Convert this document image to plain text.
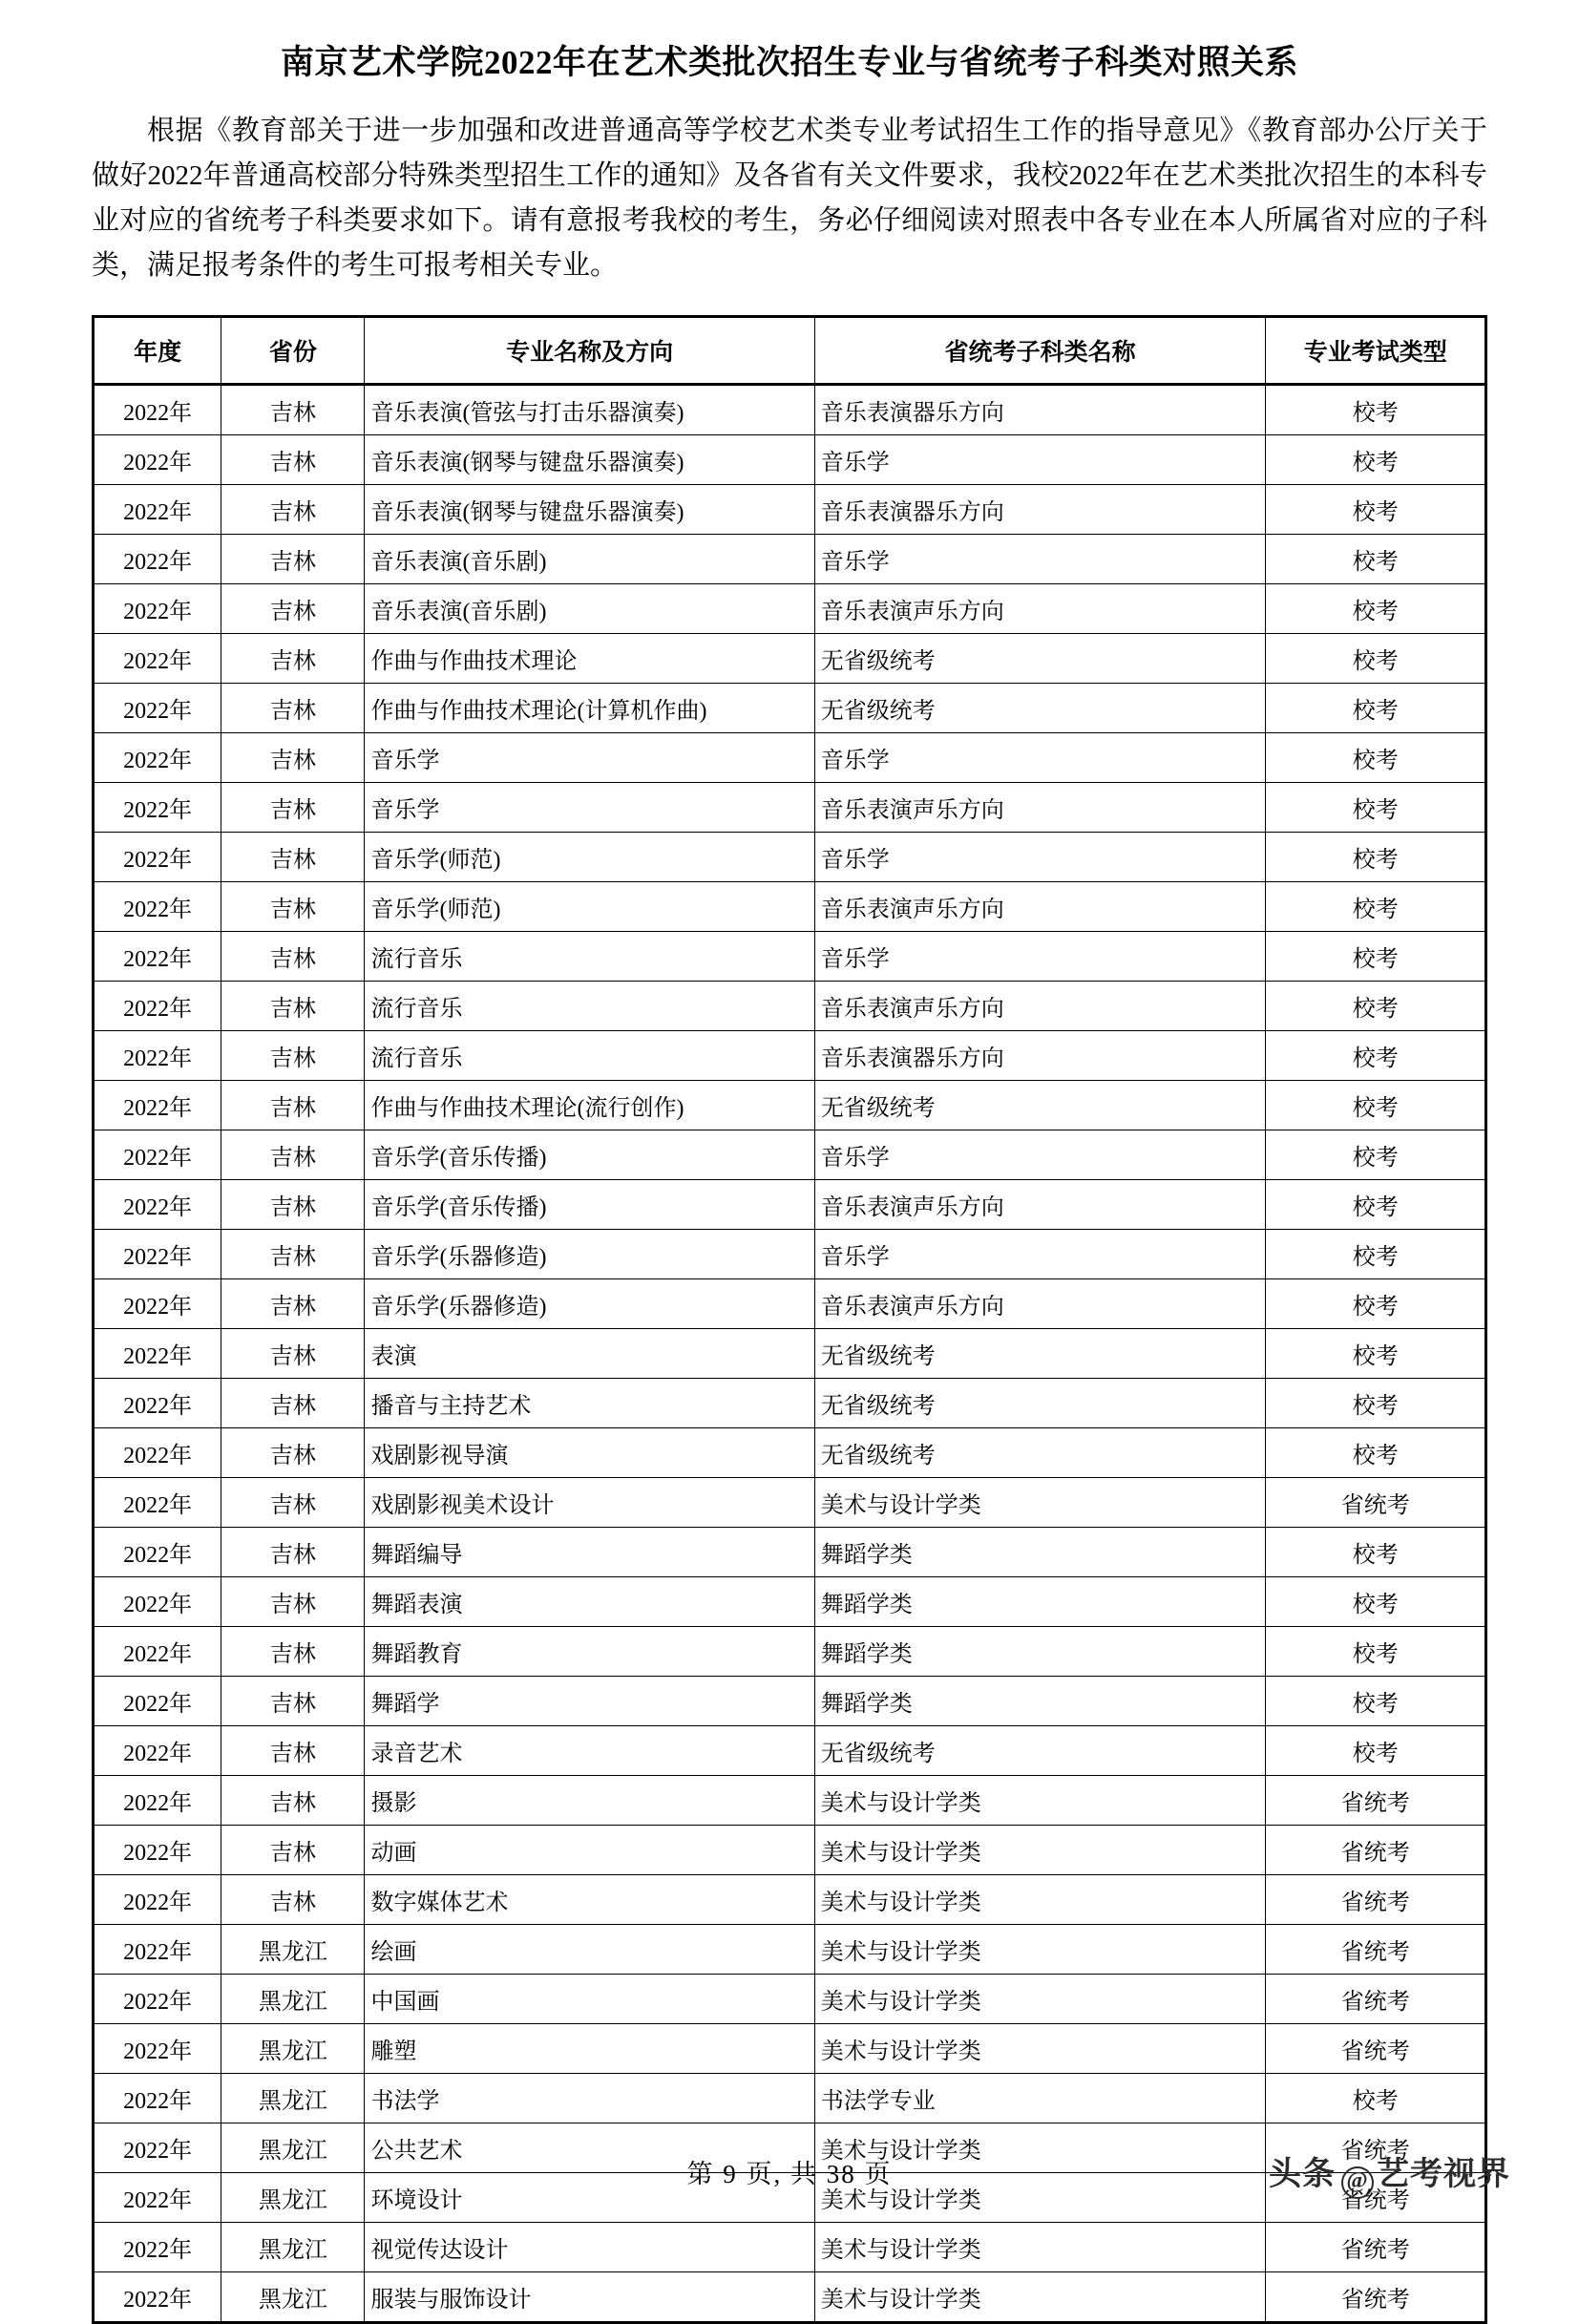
南京艺术学院2022年在艺术类批次招生专业与省统考子科类对照关系

根据《教育部关于进一步加强和改进普通高等学校艺术类专业考试招生工作的指导意见》《教育部办公厅关于做好2022年普通高校部分特殊类型招生工作的通知》及各省有关文件要求，我校2022年在艺术类批次招生的本科专业对应的省统考子科类要求如下。请有意报考我校的考生，务必仔细阅读对照表中各专业在本人所属省对应的子科类，满足报考条件的考生可报考相关专业。

年度	省份	专业名称及方向	省统考子科类名称	专业考试类型
2022年	吉林	音乐表演(管弦与打击乐器演奏)	音乐表演器乐方向	校考
2022年	吉林	音乐表演(钢琴与键盘乐器演奏)	音乐学	校考
2022年	吉林	音乐表演(钢琴与键盘乐器演奏)	音乐表演器乐方向	校考
2022年	吉林	音乐表演(音乐剧)	音乐学	校考
2022年	吉林	音乐表演(音乐剧)	音乐表演声乐方向	校考
2022年	吉林	作曲与作曲技术理论	无省级统考	校考
2022年	吉林	作曲与作曲技术理论(计算机作曲)	无省级统考	校考
2022年	吉林	音乐学	音乐学	校考
2022年	吉林	音乐学	音乐表演声乐方向	校考
2022年	吉林	音乐学(师范)	音乐学	校考
2022年	吉林	音乐学(师范)	音乐表演声乐方向	校考
2022年	吉林	流行音乐	音乐学	校考
2022年	吉林	流行音乐	音乐表演声乐方向	校考
2022年	吉林	流行音乐	音乐表演器乐方向	校考
2022年	吉林	作曲与作曲技术理论(流行创作)	无省级统考	校考
2022年	吉林	音乐学(音乐传播)	音乐学	校考
2022年	吉林	音乐学(音乐传播)	音乐表演声乐方向	校考
2022年	吉林	音乐学(乐器修造)	音乐学	校考
2022年	吉林	音乐学(乐器修造)	音乐表演声乐方向	校考
2022年	吉林	表演	无省级统考	校考
2022年	吉林	播音与主持艺术	无省级统考	校考
2022年	吉林	戏剧影视导演	无省级统考	校考
2022年	吉林	戏剧影视美术设计	美术与设计学类	省统考
2022年	吉林	舞蹈编导	舞蹈学类	校考
2022年	吉林	舞蹈表演	舞蹈学类	校考
2022年	吉林	舞蹈教育	舞蹈学类	校考
2022年	吉林	舞蹈学	舞蹈学类	校考
2022年	吉林	录音艺术	无省级统考	校考
2022年	吉林	摄影	美术与设计学类	省统考
2022年	吉林	动画	美术与设计学类	省统考
2022年	吉林	数字媒体艺术	美术与设计学类	省统考
2022年	黑龙江	绘画	美术与设计学类	省统考
2022年	黑龙江	中国画	美术与设计学类	省统考
2022年	黑龙江	雕塑	美术与设计学类	省统考
2022年	黑龙江	书法学	书法学专业	校考
2022年	黑龙江	公共艺术	美术与设计学类	省统考
2022年	黑龙江	环境设计	美术与设计学类	省统考
2022年	黑龙江	视觉传达设计	美术与设计学类	省统考
2022年	黑龙江	服装与服饰设计	美术与设计学类	省统考
第 9 页, 共 38 页	头条 @ 艺考视界
